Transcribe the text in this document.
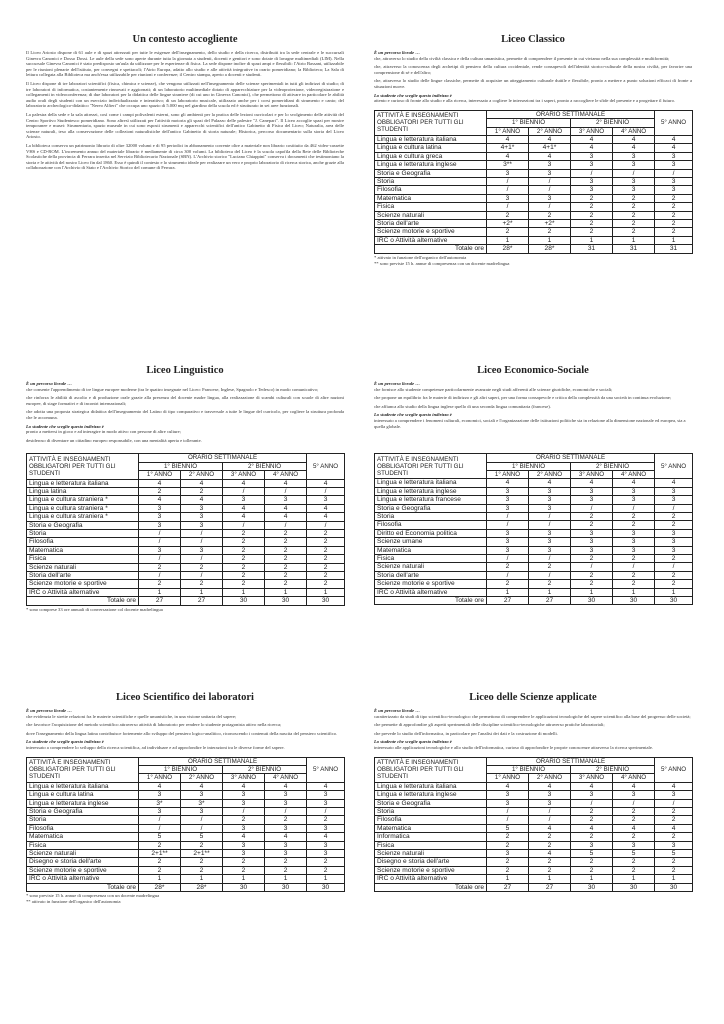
Un contesto accogliente

Il Liceo Ariosto dispone di 61 aule e di spazi attrezzati per tutte le esigenze dell'insegnamento, dello studio e della ricerca, distribuiti tra la sede centrale e le succursali Ginevra Canonici e Dosso Dossi. Le aule della sede sono aperte durante tutta la giornata a studenti, docenti e genitori e sono dotate di lavagne multimediali (LIM). Nella succursale Ginevra Canonici è stato predisposto un'aula da utilizzare per le esperienze di fisica. La sede dispone inoltre di spazi ampi e flessibili: l'Atrio Bassani, utilizzabile per le riunioni plenarie dell'istituto, per convegni e spettacoli; l'Atrio Europa, adatto allo studio e alle attività integrative in orario pomeridiano; la Biblioteca; La Sala di lettura collegata alla Biblioteca ma anch'essa utilizzabile per riunioni e conferenze; il Centro stampa, aperto a docenti e studenti.

Il Liceo dispone di tre laboratori scientifici (fisica, chimica e scienze), che vengono utilizzati nell'insegnamento delle scienze sperimentali in tutti gli indirizzi di studio; di tre laboratori di informatica, costantemente rinnovati e aggiornati; di un laboratorio multimediale dotato di apparecchiature per la videoproiezione, videoregistrazione e collegamenti in videoconferenza; di due laboratori per la didattica delle lingue straniere (di cui uno in Ginevra Canonici), che permettono di attivare in particolare le abilità audio orali degli studenti con un esercizio individualizzato e interattivo; di un laboratorio musicale, utilizzato anche per i corsi pomeridiani di strumento e canto; del laboratorio archeologico-didattico "Nereo Alfieri" che occupa uno spazio di 5.000 mq nel giardino della scuola ed è strutturato in sei aree funzionali.

La palestra della sede e la sala attrezzi, così come i campi polivalenti esterni, sono gli ambienti per la pratica delle lezioni curricolari e per lo svolgimento delle attività del Centro Sportivo Studentesco pomeridiano. Sono altresì utilizzati per l'attività motoria gli spazi del Palazzo delle palestre "J. Canepari". Il Liceo accoglie spazi per mostre temporanee e musei: Strumentaria, spazio museale in cui sono esposti strumenti e apparecchi scientifici dell'antico Gabinetto di Fisica del Liceo; Naturalia, area delle scienze naturali, teso alla conservazione delle collezioni naturalistiche dell'antico Gabinetto di storia naturale; Historica, percorso documentario sulla storia del Liceo Ariosto.

La biblioteca conserva un patrimonio librario di oltre 32000 volumi e di 95 periodici in abbonamento corrente oltre a materiale non librario costituito da 462 video-cassette VHS e CD-ROM. L'incremento annuo del materiale librario è mediamente di circa 300 volumi. La biblioteca del Liceo è la scuola capofila della Rete delle Biblioteche Scolastiche della provincia di Ferrara inserita nel Servizio Bibliotecario Nazionale (SBN). L'Archivio storico "Luciano Chiappini" conserva i documenti che testimoniano la storia e le attività del nostro Liceo fin dal 1860. Esso è quindi il contesto e lo strumento ideale per realizzare un vero e proprio laboratorio di ricerca storica, anche grazie alla collaborazione con l'Archivio di Stato e l'Archivio Storico del comune di Ferrara.

Liceo Classico
È un percorso liceale …

che, attraverso lo studio della civiltà classica e della cultura umanistica, permette di comprendere il presente in cui viviamo nella sua complessità e multiformità;

che, attraverso la conoscenza degli archetipi di pensiero della cultura occidentale, rende consapevoli dell'identità storico-culturale della nostra civiltà, per favorire una comprensione di sé e dell'altro;

che, attraverso lo studio delle lingue classiche, permette di acquisire un atteggiamento culturale duttile e flessibile, pronto a mettere a punto soluzioni efficaci di fronte a situazioni nuove.

Lo studente che sceglie questo indirizzo è
attento e curioso di fronte allo studio e alla ricerca, interessato a cogliere le intersezioni tra i saperi, pronto a raccogliere le sfide del presente e a progettare il futuro.
ATTIVITÀ E INSEGNAMENTI OBBLIGATORI PER TUTTI GLI STUDENTI	ORARIO SETTIMANALE				5° ANNO
	1° BIENNIO		2° BIENNIO		
	1° ANNO	2° ANNO	3° ANNO	4° ANNO	
Lingua e letteratura italiana	4	4	4	4	4
Lingua e cultura latina	4+1*	4+1*	4	4	4
Lingua e cultura greca	4	4	3	3	3
Lingua e letteratura inglese	3**	3	3	3	3
Storia e Geografia	3	3	/	/	/
Storia	/	/	3	3	3
Filosofia	/	/	3	3	3
Matematica	3	3	2	2	2
Fisica	/	/	2	2	2
Scienze naturali	2	2	2	2	2
Storia dell'arte	+2*	+2*	2	2	2
Scienze motorie e sportive	2	2	2	2	2
IRC o Attività alternative	1	1	1	1	1
Totale ore	28*	28*	31	31	31
* attivato in funzione dell'organico dell'autonomia
** sono previste 15 h. annue di compresenza con un docente madrelingua
Liceo Linguistico
È un percorso liceale …

che consente l'apprendimento di tre lingue europee moderne (tra le quattro insegnate nel Liceo: Francese, Inglese, Spagnolo e Tedesco) in modo comunicativo;

che rinforza le abilità di ascolto e di produzione orale grazie alla presenza del docente madre lingua, alla realizzazione di scambi culturali con scuole di altre nazioni europee, di stage formativi e di incontri internazionali;

che adotta una proposta strategica didattica dell'insegnamento del Latino di tipo comparativo e trasversale a tutte le lingue del curricolo, per cogliere la struttura profonda che le accomuna.

Lo studente che sceglie questo indirizzo è

pronto a mettersi in gioco e ad interagire in modo attivo con persone di altre culture;

desideroso di diventare un cittadino europeo responsabile, con una mentalità aperta e tollerante.

ATTIVITÀ E INSEGNAMENTI OBBLIGATORI PER TUTTI GLI STUDENTI	ORARIO SETTIMANALE				5° ANNO
	1° BIENNIO		2° BIENNIO		
	1° ANNO	2° ANNO	3° ANNO	4° ANNO	
Lingua e letteratura italiana	4	4	4	4	4
Lingua latina	2	2	/	/	/
Lingua e cultura straniera *	4	4	3	3	3
Lingua e cultura straniera *	3	3	4	4	4
Lingua e cultura straniera *	3	3	4	4	4
Storia e Geografia	3	3	/	/	/
Storia	/	/	2	2	2
Filosofia	/	/	2	2	2
Matematica	3	3	2	2	2
Fisica	/	/	2	2	2
Scienze naturali	2	2	2	2	2
Storia dell'arte	/	/	2	2	2
Scienze motorie e sportive	2	2	2	2	2
IRC o Attività alternative	1	1	1	1	1
Totale ore	27	27	30	30	30
* sono comprese 33 ore annuali di conversazione col docente madrelingua
Liceo Economico-Sociale
È un percorso liceale …

che fornisce allo studente competenze particolarmente avanzate negli studi afferenti alle scienze giuridiche, economiche e sociali;

che propone un equilibrio fra le materie di indirizzo e gli altri saperi, per una forma consapevole e critica della complessità da una società in continua evoluzione;

che affianca allo studio della lingua inglese quello di una seconda lingua comunitaria (francese).

Lo studente che sceglie questo indirizzo è
interessato a comprendere i fenomeni culturali, economici, sociali e l'organizzazione delle istituzioni politiche sia in relazione alla dimensione nazionale ed europea, sia a quella globale.
ATTIVITÀ E INSEGNAMENTI OBBLIGATORI PER TUTTI GLI STUDENTI	ORARIO SETTIMANALE				5° ANNO
	1° BIENNIO		2° BIENNIO		
	1° ANNO	2° ANNO	3° ANNO	4° ANNO	
Lingua e letteratura italiana	4	4	4	4	4
Lingua e letteratura inglese	3	3	3	3	3
Lingua e letteratura francese	3	3	3	3	3
Storia e Geografia	3	3	/	/	/
Storia	/	/	2	2	2
Filosofia	/	/	2	2	2
Diritto ed Economia politica	3	3	3	3	3
Scienze umane	3	3	3	3	3
Matematica	3	3	3	3	3
Fisica	/	/	2	2	2
Scienze naturali	2	2	/	/	/
Storia dell'arte	/	/	2	2	2
Scienze motorie e sportive	2	2	2	2	2
IRC o Attività alternative	1	1	1	1	1
Totale ore	27	27	30	30	30
Liceo Scientifico dei laboratori
È un percorso liceale …

che evidenzia le strette relazioni fra le materie scientifiche e quelle umanistiche, in una visione unitaria del sapere;

che favorisce l'acquisizione del metodo scientifico attraverso attività di laboratorio per rendere lo studente protagonista attivo nella ricerca;

dove l'insegnamento della lingua latina contribuisce fortemente allo sviluppo del pensiero logico-analitico, riconoscendo i contenuti della nascita del pensiero scientifico.

Lo studente che sceglie questo indirizzo è
interessato a comprendere lo sviluppo della ricerca scientifica, ad individuare e ad approfondire le interazioni tra le diverse forme del sapere.
ATTIVITÀ E INSEGNAMENTI OBBLIGATORI PER TUTTI GLI STUDENTI	ORARIO SETTIMANALE				5° ANNO
	1° BIENNIO		2° BIENNIO		
	1° ANNO	2° ANNO	3° ANNO	4° ANNO	
Lingua e letteratura italiana	4	4	4	4	4
Lingua e cultura latina	3	3	3	3	3
Lingua e letteratura inglese	3*	3*	3	3	3
Storia e Geografia	3	3	/	/	/
Storia	/	/	2	2	2
Filosofia	/	/	3	3	3
Matematica	5	5	4	4	4
Fisica	2	2	3	3	3
Scienze naturali	2+1**	2+1**	3	3	3
Disegno e storia dell'arte	2	2	2	2	2
Scienze motorie e sportive	2	2	2	2	2
IRC o Attività alternative	1	1	1	1	1
Totale ore	28*	28*	30	30	30
* sono previste 15 h. annue di compresenza con un docente madrelingua
** attivato in funzione dell'organico dell'autonomia
Liceo delle Scienze applicate
È un percorso liceale …

caratterizzato da studi di tipo scientifico-tecnologico che permettono di comprendere le applicazioni tecnologiche del sapere scientifico alla base del progresso delle società;

che permette di approfondire gli aspetti sperimentali delle discipline scientifico-tecnologiche attraverso pratiche laboratoriali;

che prevede lo studio dell'informatica, in particolare per l'analisi dei dati e la costruzione di modelli.

Lo studente che sceglie questo indirizzo è
interessato alle applicazioni tecnologiche e allo studio dell'informatica, curioso di approfondire le proprie conoscenze attraverso la ricerca sperimentale.
ATTIVITÀ E INSEGNAMENTI OBBLIGATORI PER TUTTI GLI STUDENTI	ORARIO SETTIMANALE				5° ANNO
	1° BIENNIO		2° BIENNIO		
	1° ANNO	2° ANNO	3° ANNO	4° ANNO	
Lingua e letteratura italiana	4	4	4	4	4
Lingua e letteratura inglese	3	3	3	3	3
Storia e Geografia	3	3	/	/	/
Storia	/	/	2	2	2
Filosofia	/	/	2	2	2
Matematica	5	4	4	4	4
Informatica	2	2	2	2	2
Fisica	2	2	3	3	3
Scienze naturali	3	4	5	5	5
Disegno e storia dell'arte	2	2	2	2	2
Scienze motorie e sportive	2	2	2	2	2
IRC o Attività alternative	1	1	1	1	1
Totale ore	27	27	30	30	30
